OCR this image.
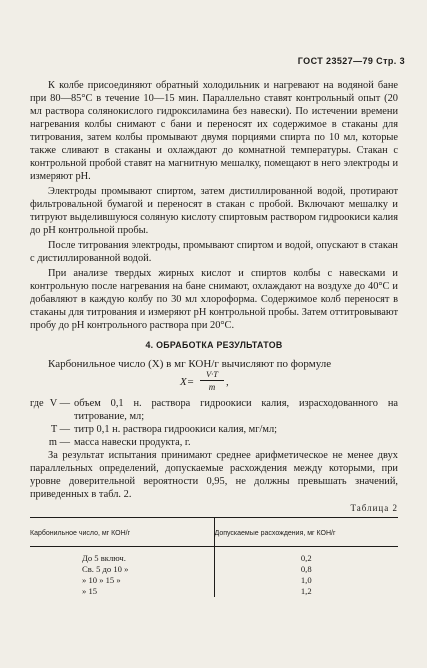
ГОСТ 23527—79 Стр. 3

К колбе присоединяют обратный холодильник и нагревают на водяной бане при 80—85°С в течение 10—15 мин. Параллельно ставят контрольный опыт (20 мл раствора солянокислого гидроксиламина без навески). По истечении времени нагревания колбы снимают с бани и переносят их содержимое в стаканы для титрования, затем колбы промывают двумя порциями спирта по 10 мл, которые также сливают в стаканы и охлаждают до комнатной температуры. Стакан с контрольной пробой ставят на магнитную мешалку, помещают в него электроды и измеряют pH.

Электроды промывают спиртом, затем дистиллированной водой, протирают фильтровальной бумагой и переносят в стакан с пробой. Включают мешалку и титруют выделившуюся соляную кислоту спиртовым раствором гидроокиси калия до pH контрольной пробы.

После титрования электроды, промывают спиртом и водой, опускают в стакан с дистиллированной водой.

При анализе твердых жирных кислот и спиртов колбы с навесками и контрольную после нагревания на бане снимают, охлаждают на воздухе до 40°С и добавляют в каждую колбу по 30 мл хлороформа. Содержимое колб переносят в стаканы для титрования и измеряют pH контрольной пробы. Затем оттитровывают пробу до pH контрольного раствора при 20°С.

4. ОБРАБОТКА РЕЗУЛЬТАТОВ

Карбонильное число (X) в мг КОН/г вычисляют по формуле

X=
V·T
m ,
где V — объем 0,1 н. раствора гидроокиси калия, израсходованного на титрование, мл;
T — титр 0,1 н. раствора гидроокиси калия, мг/мл;
m — масса навески продукта, г.

За результат испытания принимают среднее арифметическое не менее двух параллельных определений, допускаемые расхождения между которыми, при уровне доверительной вероятности 0,95, не должны превышать значений, приведенных в табл. 2.

Таблица 2
Карбонильное число, мг КОН/г	Допускаемые расхождения, мг КОН/г
До 5 включ.	0,2
Св. 5 до 10 »	0,8
» 10 » 15 »	1,0
» 15	1,2
